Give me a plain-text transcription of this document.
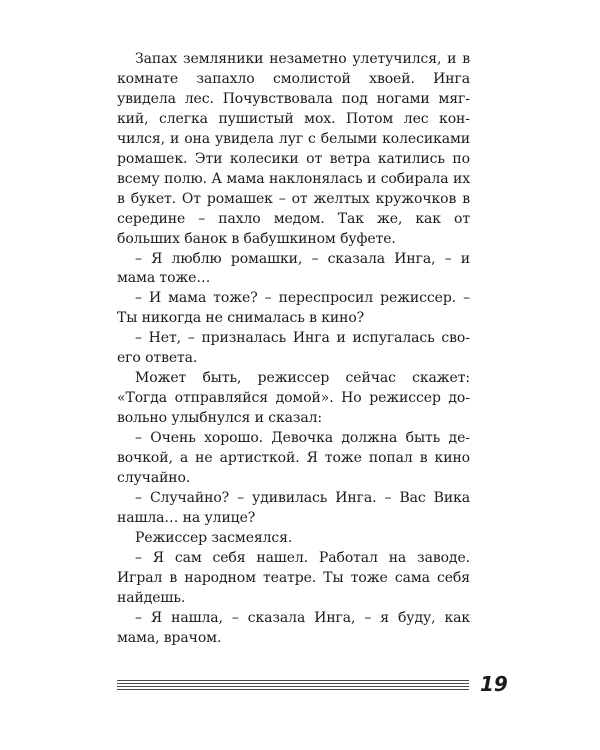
Запах земляники незаметно улетучился, и в комнате запахло смолистой хвоей. Инга увидела лес. Почувствовала под ногами мягкий, слегка пушистый мох. Потом лес кончился, и она увидела луг с белыми колесиками ромашек. Эти колесики от ветра катились по всему полю. А мама наклонялась и собирала их в букет. От ромашек – от желтых кружочков в середине – пахло медом. Так же, как от больших банок в бабушкином буфете.

– Я люблю ромашки, – сказала Инга, – и мама тоже…

– И мама тоже? – переспросил режиссер. – Ты никогда не снималась в кино?

– Нет, – призналась Инга и испугалась своего ответа.

Может быть, режиссер сейчас скажет: «Тогда отправляйся домой». Но режиссер довольно улыбнулся и сказал:

– Очень хорошо. Девочка должна быть девочкой, а не артисткой. Я тоже попал в кино случайно.

– Случайно? – удивилась Инга. – Вас Вика нашла… на улице?

Режиссер засмеялся.

– Я сам себя нашел. Работал на заводе. Играл в народном театре. Ты тоже сама себя найдешь.

– Я нашла, – сказала Инга, – я буду, как мама, врачом.

19
